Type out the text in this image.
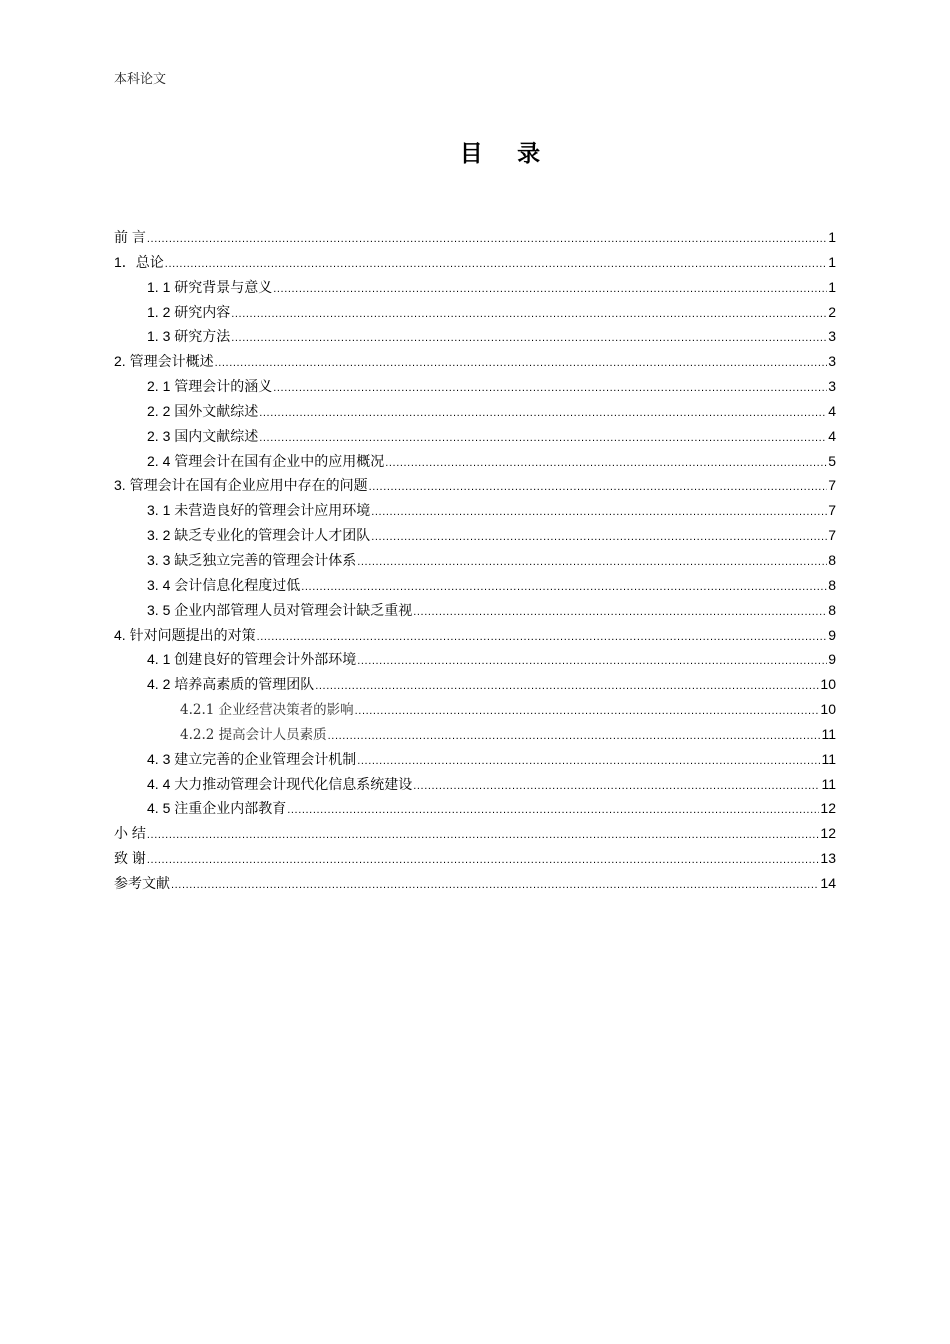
本科论文
目 录
前 言 .....	1
1．总论 .....	1
1. 1 研究背景与意义 .....	1
1. 2 研究内容 .....	2
1. 3 研究方法 .....	3
2. 管理会计概述 .....	3
2. 1 管理会计的涵义 .....	3
2. 2 国外文献综述 .....	4
2. 3 国内文献综述 .....	4
2. 4 管理会计在国有企业中的应用概况 .....	5
3. 管理会计在国有企业应用中存在的问题 .....	7
3. 1 未营造良好的管理会计应用环境 .....	7
3. 2 缺乏专业化的管理会计人才团队 .....	7
3. 3 缺乏独立完善的管理会计体系 .....	8
3. 4 会计信息化程度过低 .....	8
3. 5 企业内部管理人员对管理会计缺乏重视 .....	8
4. 针对问题提出的对策 .....	9
4. 1 创建良好的管理会计外部环境 .....	9
4. 2 培养高素质的管理团队 .....	10
4.2.1 企业经营决策者的影响 .....	10
4.2.2 提高会计人员素质 .....	11
4. 3 建立完善的企业管理会计机制 .....	11
4. 4 大力推动管理会计现代化信息系统建设 .....	11
4. 5 注重企业内部教育 .....	12
小 结 .....	12
致 谢 .....	13
参考文献 .....	14
